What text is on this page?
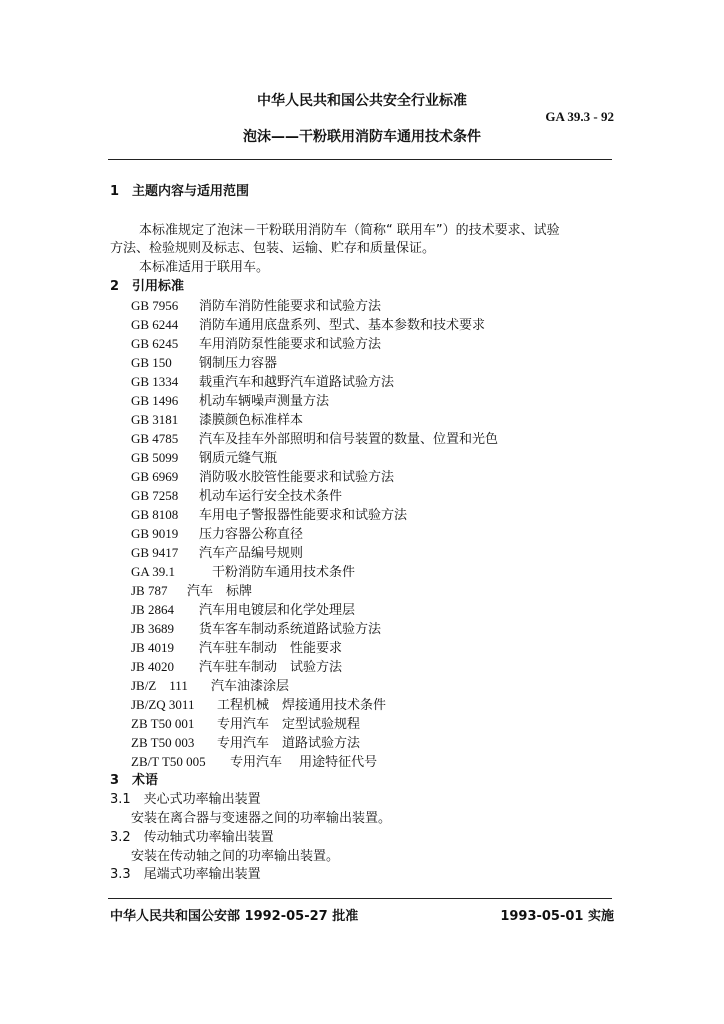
中华人民共和国公共安全行业标准
GA 39.3 - 92
泡沫——干粉联用消防车通用技术条件
1　主题内容与适用范围
本标准规定了泡沫－干粉联用消防车（简称“ 联用车”）的技术要求、试验
方法、检验规则及标志、包装、运输、贮存和质量保证。
本标准适用于联用车。
2　引用标准
GB 7956 消防车消防性能要求和试验方法
GB 6244 消防车通用底盘系列、型式、基本参数和技术要求
GB 6245 车用消防泵性能要求和试验方法
GB 150 钢制压力容器
GB 1334 载重汽车和越野汽车道路试验方法
GB 1496 机动车辆噪声测量方法
GB 3181 漆膜颜色标准样本
GB 4785 汽车及挂车外部照明和信号装置的数量、位置和光色
GB 5099 钢质元缝气瓶
GB 6969 消防吸水胶管性能要求和试验方法
GB 7258 机动车运行安全技术条件
GB 8108 车用电子警报器性能要求和试验方法
GB 9019 压力容器公称直径
GB 9417 汽车产品编号规则
GA 39.1　干粉消防车通用技术条件
JB 787 汽车　标牌
JB 2864 汽车用电镀层和化学处理层
JB 3689 货车客车制动系统道路试验方法
JB 4019 汽车驻车制动　性能要求
JB 4020 汽车驻车制动　试验方法
JB/Z　111 汽车油漆涂层
JB/ZQ 3011 工程机械　焊接通用技术条件
ZB T50 001 专用汽车　定型试验规程
ZB T50 003 专用汽车　道路试验方法
ZB/T T50 005 专用汽车　 用途特征代号
3　术语
3.1　夹心式功率输出装置
安装在离合器与变速器之间的功率输出装置。
3.2　传动轴式功率输出装置
安装在传动轴之间的功率输出装置。
3.3　尾端式功率输出装置
中华人民共和国公安部 1992-05-27 批准	1993-05-01 实施
